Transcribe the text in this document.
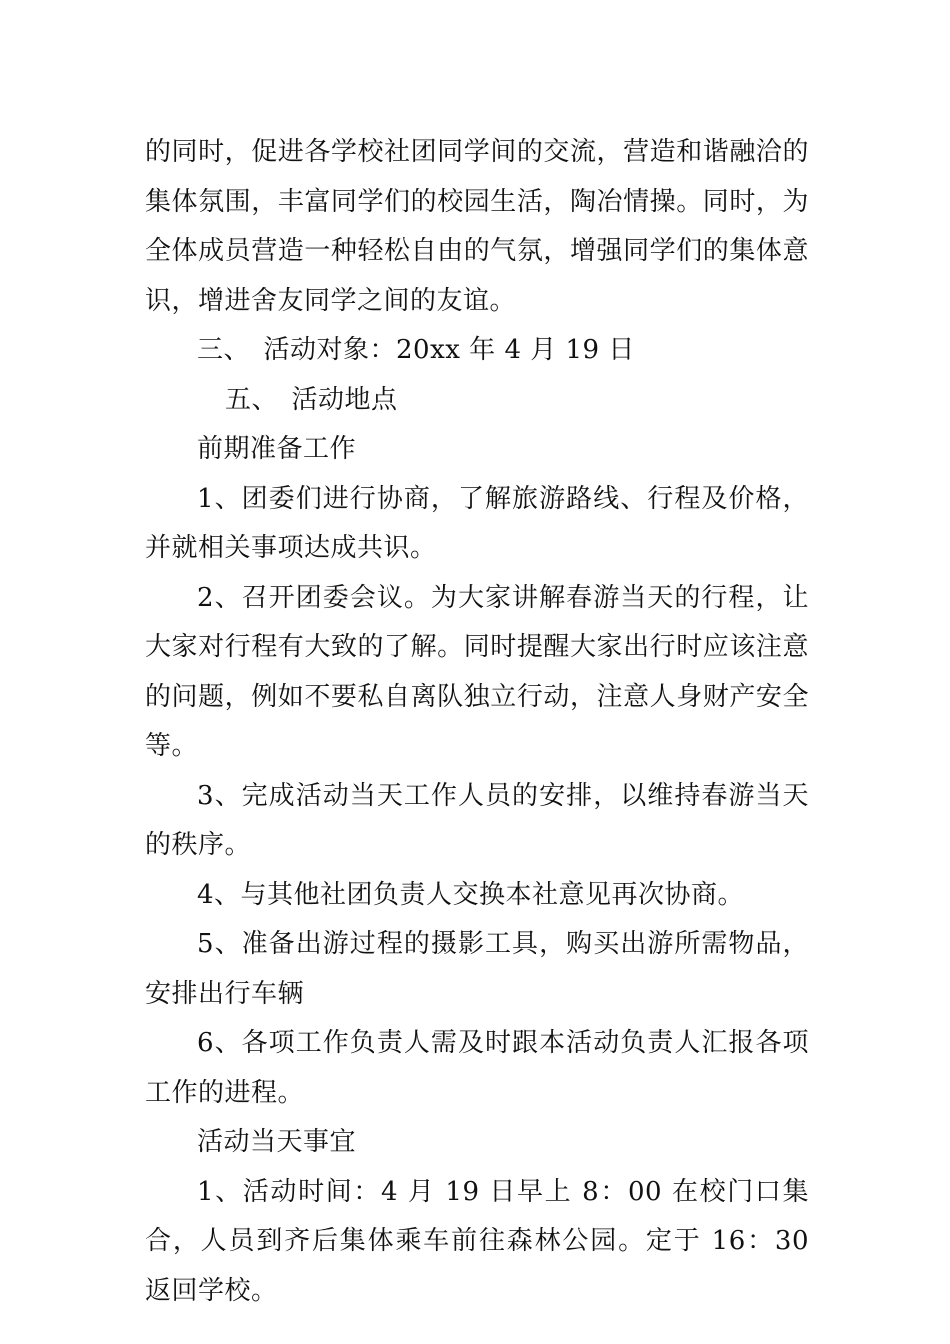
的同时，促进各学校社团同学间的交流，营造和谐融洽的集体氛围，丰富同学们的校园生活，陶冶情操。同时，为全体成员营造一种轻松自由的气氛，增强同学们的集体意识，增进舍友同学之间的友谊。

三、　活动对象：20xx 年 4 月 19 日

五、　活动地点

前期准备工作

1、团委们进行协商，了解旅游路线、行程及价格，并就相关事项达成共识。

2、召开团委会议。为大家讲解春游当天的行程，让大家对行程有大致的了解。同时提醒大家出行时应该注意的问题，例如不要私自离队独立行动，注意人身财产安全等。

3、完成活动当天工作人员的安排，以维持春游当天的秩序。

4、与其他社团负责人交换本社意见再次协商。

5、准备出游过程的摄影工具，购买出游所需物品，安排出行车辆

6、各项工作负责人需及时跟本活动负责人汇报各项工作的进程。

活动当天事宜

1、活动时间：4 月 19 日早上 8：00 在校门口集合，人员到齐后集体乘车前往森林公园。定于 16：30 返回学校。
